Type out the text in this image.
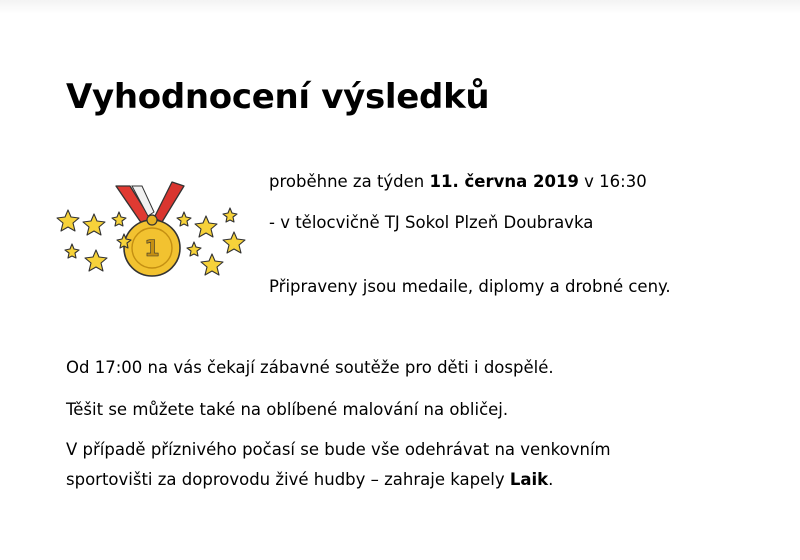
Vyhodnocení výsledků
1

proběhne za týden 11. června 2019 v 16:30

- v tělocvičně TJ Sokol Plzeň Doubravka

Připraveny jsou medaile, diplomy a drobné ceny.

Od 17:00 na vás čekají zábavné soutěže pro děti i dospělé.

Těšit se můžete také na oblíbené malování na obličej.

V případě příznivého počasí se bude vše odehrávat na venkovním

sportovišti za doprovodu živé hudby – zahraje kapely Laik.
